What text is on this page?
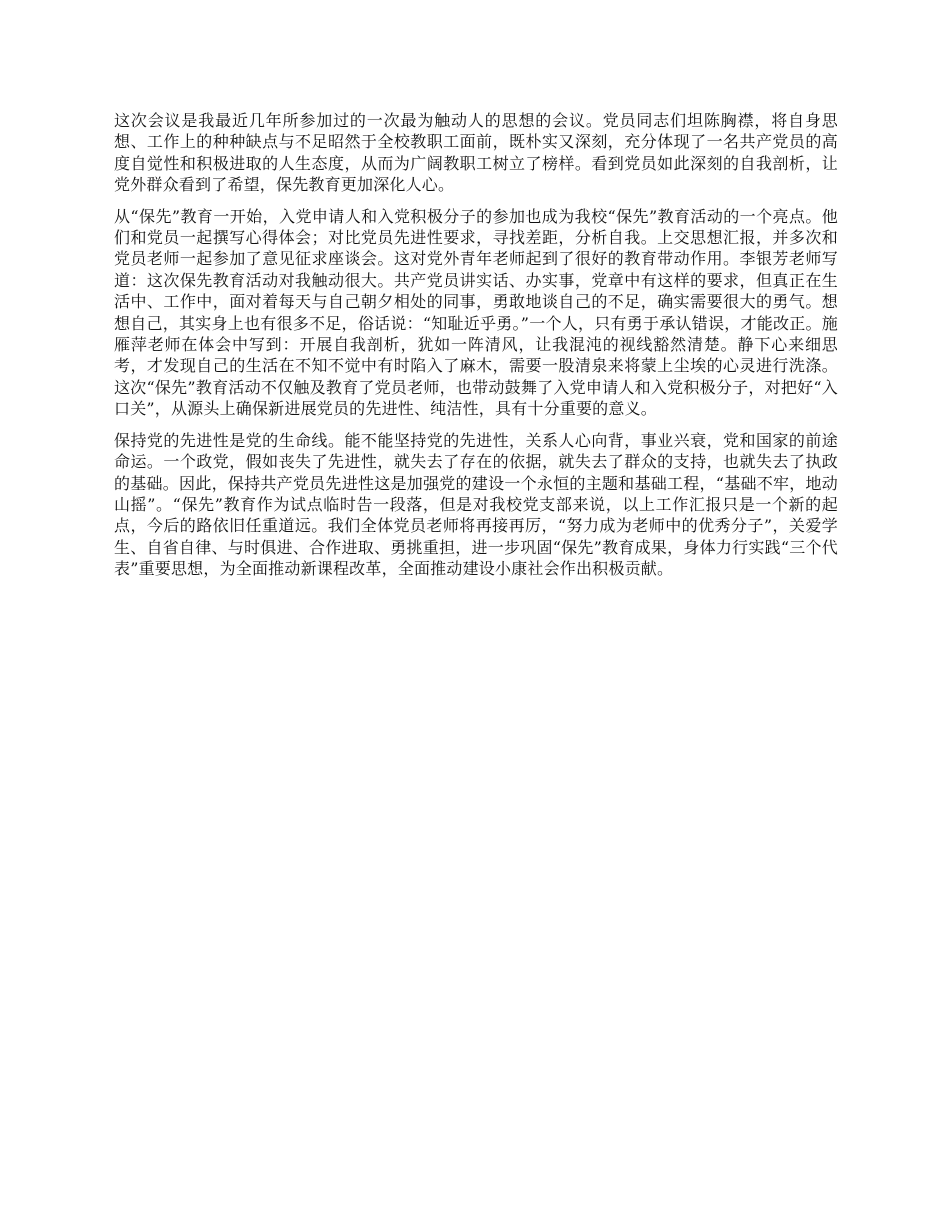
这次会议是我最近几年所参加过的一次最为触动人的思想的会议。党员同志们坦陈胸襟，将自身思想、工作上的种种缺点与不足昭然于全校教职工面前，既朴实又深刻，充分体现了一名共产党员的高度自觉性和积极进取的人生态度，从而为广阔教职工树立了榜样。看到党员如此深刻的自我剖析，让党外群众看到了希望，保先教育更加深化人心。

从“保先”教育一开始，入党申请人和入党积极分子的参加也成为我校“保先”教育活动的一个亮点。他们和党员一起撰写心得体会；对比党员先进性要求，寻找差距，分析自我。上交思想汇报，并多次和党员老师一起参加了意见征求座谈会。这对党外青年老师起到了很好的教育带动作用。李银芳老师写道：这次保先教育活动对我触动很大。共产党员讲实话、办实事，党章中有这样的要求，但真正在生活中、工作中，面对着每天与自己朝夕相处的同事，勇敢地谈自己的不足，确实需要很大的勇气。想想自己，其实身上也有很多不足，俗话说：“知耻近乎勇。”一个人，只有勇于承认错误，才能改正。施雁萍老师在体会中写到：开展自我剖析，犹如一阵清风，让我混沌的视线豁然清楚。静下心来细思考，才发现自己的生活在不知不觉中有时陷入了麻木，需要一股清泉来将蒙上尘埃的心灵进行洗涤。这次“保先”教育活动不仅触及教育了党员老师，也带动鼓舞了入党申请人和入党积极分子，对把好“入口关”，从源头上确保新进展党员的先进性、纯洁性，具有十分重要的意义。

保持党的先进性是党的生命线。能不能坚持党的先进性，关系人心向背，事业兴衰，党和国家的前途命运。一个政党，假如丧失了先进性，就失去了存在的依据，就失去了群众的支持，也就失去了执政的基础。因此，保持共产党员先进性这是加强党的建设一个永恒的主题和基础工程，“基础不牢，地动山摇”。“保先”教育作为试点临时告一段落，但是对我校党支部来说，以上工作汇报只是一个新的起点，今后的路依旧任重道远。我们全体党员老师将再接再厉，“努力成为老师中的优秀分子”，关爱学生、自省自律、与时俱进、合作进取、勇挑重担，进一步巩固“保先”教育成果，身体力行实践“三个代表”重要思想，为全面推动新课程改革，全面推动建设小康社会作出积极贡献。
